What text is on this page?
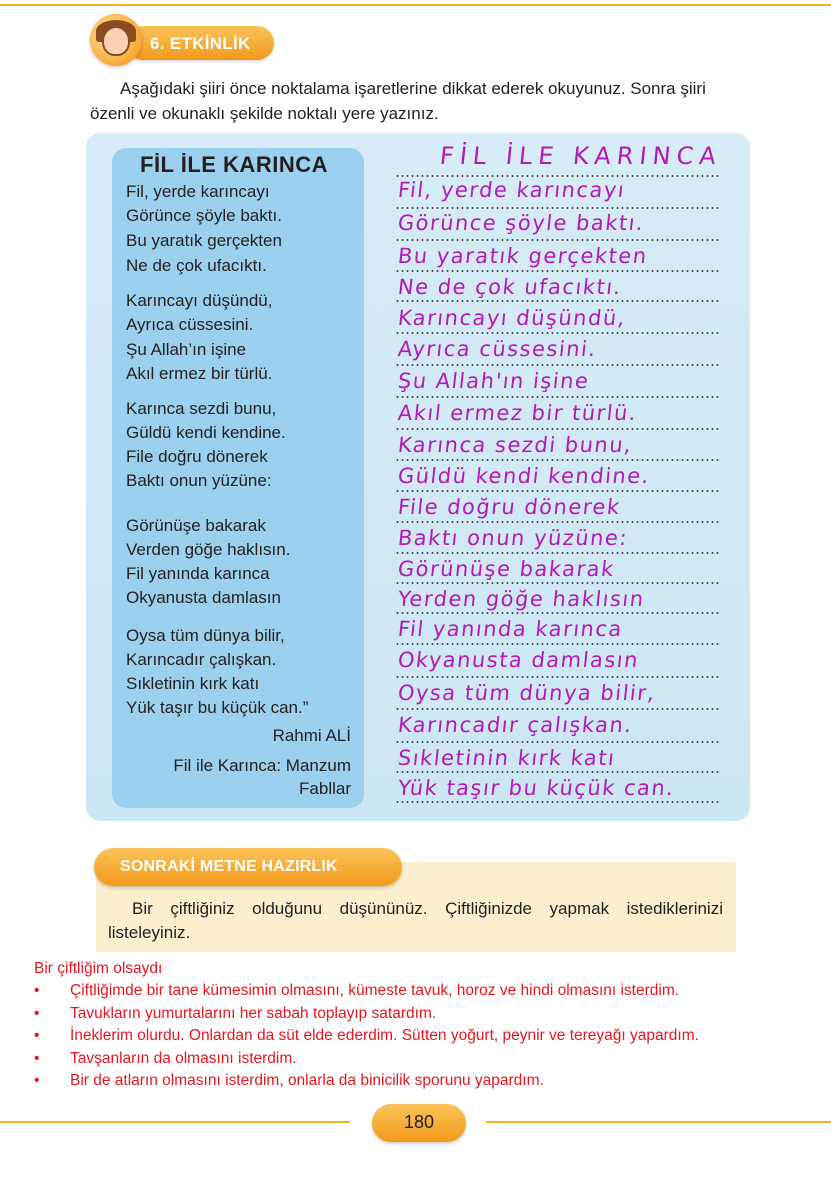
6. ETKİNLİK

Aşağıdaki şiiri önce noktalama işaretlerine dikkat ederek okuyunuz. Sonra şiiri özenli ve okunaklı şekilde noktalı yere yazınız.

FİL İLE KARINCA
Fil, yerde karıncayı
Görünce şöyle baktı.
Bu yaratık gerçekten
Ne de çok ufacıktı.
Karıncayı düşündü,
Ayrıca cüssesini.
Şu Allah’ın işine
Akıl ermez bir türlü.
Karınca sezdi bunu,
Güldü kendi kendine.
File doğru dönerek
Baktı onun yüzüne:
Görünüşe bakarak
Verden göğe haklısın.
Fil yanında karınca
Okyanusta damlasın
Oysa tüm dünya bilir,
Karıncadır çalışkan.
Sıkletinin kırk katı
Yük taşır bu küçük can.”
Rahmi ALİ
Fil ile Karınca: Manzum
Fabllar
FİL İLE KARINCA
Fil, yerde karıncayı
Görünce şöyle baktı.
Bu yaratık gerçekten
Ne de çok ufacıktı.
Karıncayı düşündü,
Ayrıca cüssesini.
Şu Allah'ın işine
Akıl ermez bir türlü.
Karınca sezdi bunu,
Güldü kendi kendine.
File doğru dönerek
Baktı onun yüzüne:
Görünüşe bakarak
Yerden göğe haklısın
Fil yanında karınca
Okyanusta damlasın
Oysa tüm dünya bilir,
Karıncadır çalışkan.
Sıkletinin kırk katı
Yük taşır bu küçük can.
SONRAKİ METNE HAZIRLIK

Bir çiftliğiniz olduğunu düşününüz. Çiftliğinizde yapmak istediklerinizi listeleyiniz.

Bir çiftliğim olsaydı
• Çiftliğimde bir tane kümesimin olmasını, kümeste tavuk, horoz ve hindi olmasını isterdim.
• Tavukların yumurtalarını her sabah toplayıp satardım.
• İneklerim olurdu. Onlardan da süt elde ederdim. Sütten yoğurt, peynir ve tereyağı yapardım.
• Tavşanların da olmasını isterdim.
• Bir de atların olmasını isterdim, onlarla da binicilik sporunu yapardım.
180
